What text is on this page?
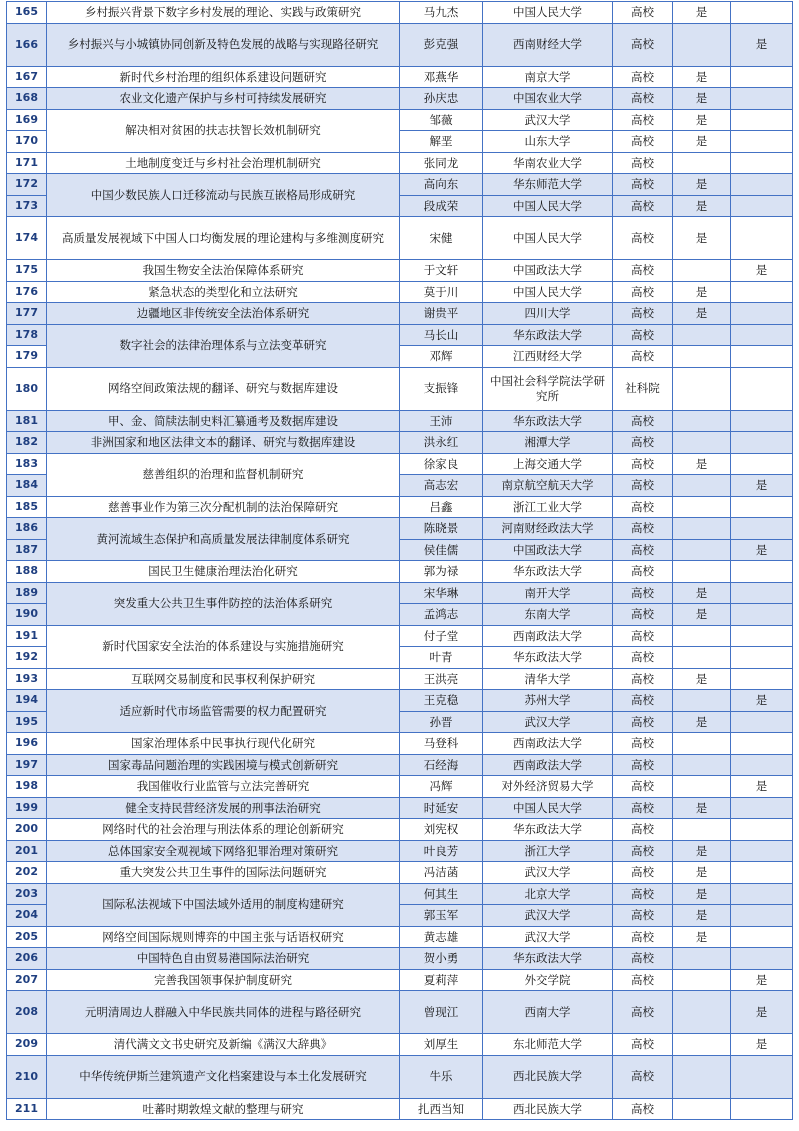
165	乡村振兴背景下数字乡村发展的理论、实践与政策研究	马九杰	中国人民大学	高校	是	
166	乡村振兴与小城镇协同创新及特色发展的战略与实现路径研究	彭克强	西南财经大学	高校		是
167	新时代乡村治理的组织体系建设问题研究	邓燕华	南京大学	高校	是	
168	农业文化遗产保护与乡村可持续发展研究	孙庆忠	中国农业大学	高校	是	
169	解决相对贫困的扶志扶智长效机制研究	邹薇	武汉大学	高校	是	
170		解垩	山东大学	高校	是	
171	土地制度变迁与乡村社会治理机制研究	张同龙	华南农业大学	高校		
172	中国少数民族人口迁移流动与民族互嵌格局形成研究	高向东	华东师范大学	高校	是	
173		段成荣	中国人民大学	高校	是	
174	高质量发展视域下中国人口均衡发展的理论建构与多维测度研究	宋健	中国人民大学	高校	是	
175	我国生物安全法治保障体系研究	于文轩	中国政法大学	高校		是
176	紧急状态的类型化和立法研究	莫于川	中国人民大学	高校	是	
177	边疆地区非传统安全法治体系研究	谢贵平	四川大学	高校	是	
178	数字社会的法律治理体系与立法变革研究	马长山	华东政法大学	高校		
179		邓辉	江西财经大学	高校		
180	网络空间政策法规的翻译、研究与数据库建设	支振锋	中国社会科学院法学研究所	社科院		
181	甲、金、简牍法制史料汇纂通考及数据库建设	王沛	华东政法大学	高校		
182	非洲国家和地区法律文本的翻译、研究与数据库建设	洪永红	湘潭大学	高校		
183	慈善组织的治理和监督机制研究	徐家良	上海交通大学	高校	是	
184		高志宏	南京航空航天大学	高校		是
185	慈善事业作为第三次分配机制的法治保障研究	吕鑫	浙江工业大学	高校		
186	黄河流域生态保护和高质量发展法律制度体系研究	陈晓景	河南财经政法大学	高校		
187		侯佳儒	中国政法大学	高校		是
188	国民卫生健康治理法治化研究	郭为禄	华东政法大学	高校		
189	突发重大公共卫生事件防控的法治体系研究	宋华琳	南开大学	高校	是	
190		孟鸿志	东南大学	高校	是	
191	新时代国家安全法治的体系建设与实施措施研究	付子堂	西南政法大学	高校		
192		叶青	华东政法大学	高校		
193	互联网交易制度和民事权利保护研究	王洪亮	清华大学	高校	是	
194	适应新时代市场监管需要的权力配置研究	王克稳	苏州大学	高校		是
195		孙晋	武汉大学	高校	是	
196	国家治理体系中民事执行现代化研究	马登科	西南政法大学	高校		
197	国家毒品问题治理的实践困境与模式创新研究	石经海	西南政法大学	高校		
198	我国催收行业监管与立法完善研究	冯辉	对外经济贸易大学	高校		是
199	健全支持民营经济发展的刑事法治研究	时延安	中国人民大学	高校	是	
200	网络时代的社会治理与刑法体系的理论创新研究	刘宪权	华东政法大学	高校		
201	总体国家安全观视域下网络犯罪治理对策研究	叶良芳	浙江大学	高校	是	
202	重大突发公共卫生事件的国际法问题研究	冯洁菡	武汉大学	高校	是	
203	国际私法视域下中国法域外适用的制度构建研究	何其生	北京大学	高校	是	
204		郭玉军	武汉大学	高校	是	
205	网络空间国际规则博弈的中国主张与话语权研究	黄志雄	武汉大学	高校	是	
206	中国特色自由贸易港国际法治研究	贺小勇	华东政法大学	高校		
207	完善我国领事保护制度研究	夏莉萍	外交学院	高校		是
208	元明清周边人群融入中华民族共同体的进程与路径研究	曾现江	西南大学	高校		是
209	清代满文文书史研究及新编《满汉大辞典》	刘厚生	东北师范大学	高校		是
210	中华传统伊斯兰建筑遗产文化档案建设与本土化发展研究	牛乐	西北民族大学	高校		
211	吐蕃时期敦煌文献的整理与研究	扎西当知	西北民族大学	高校		
